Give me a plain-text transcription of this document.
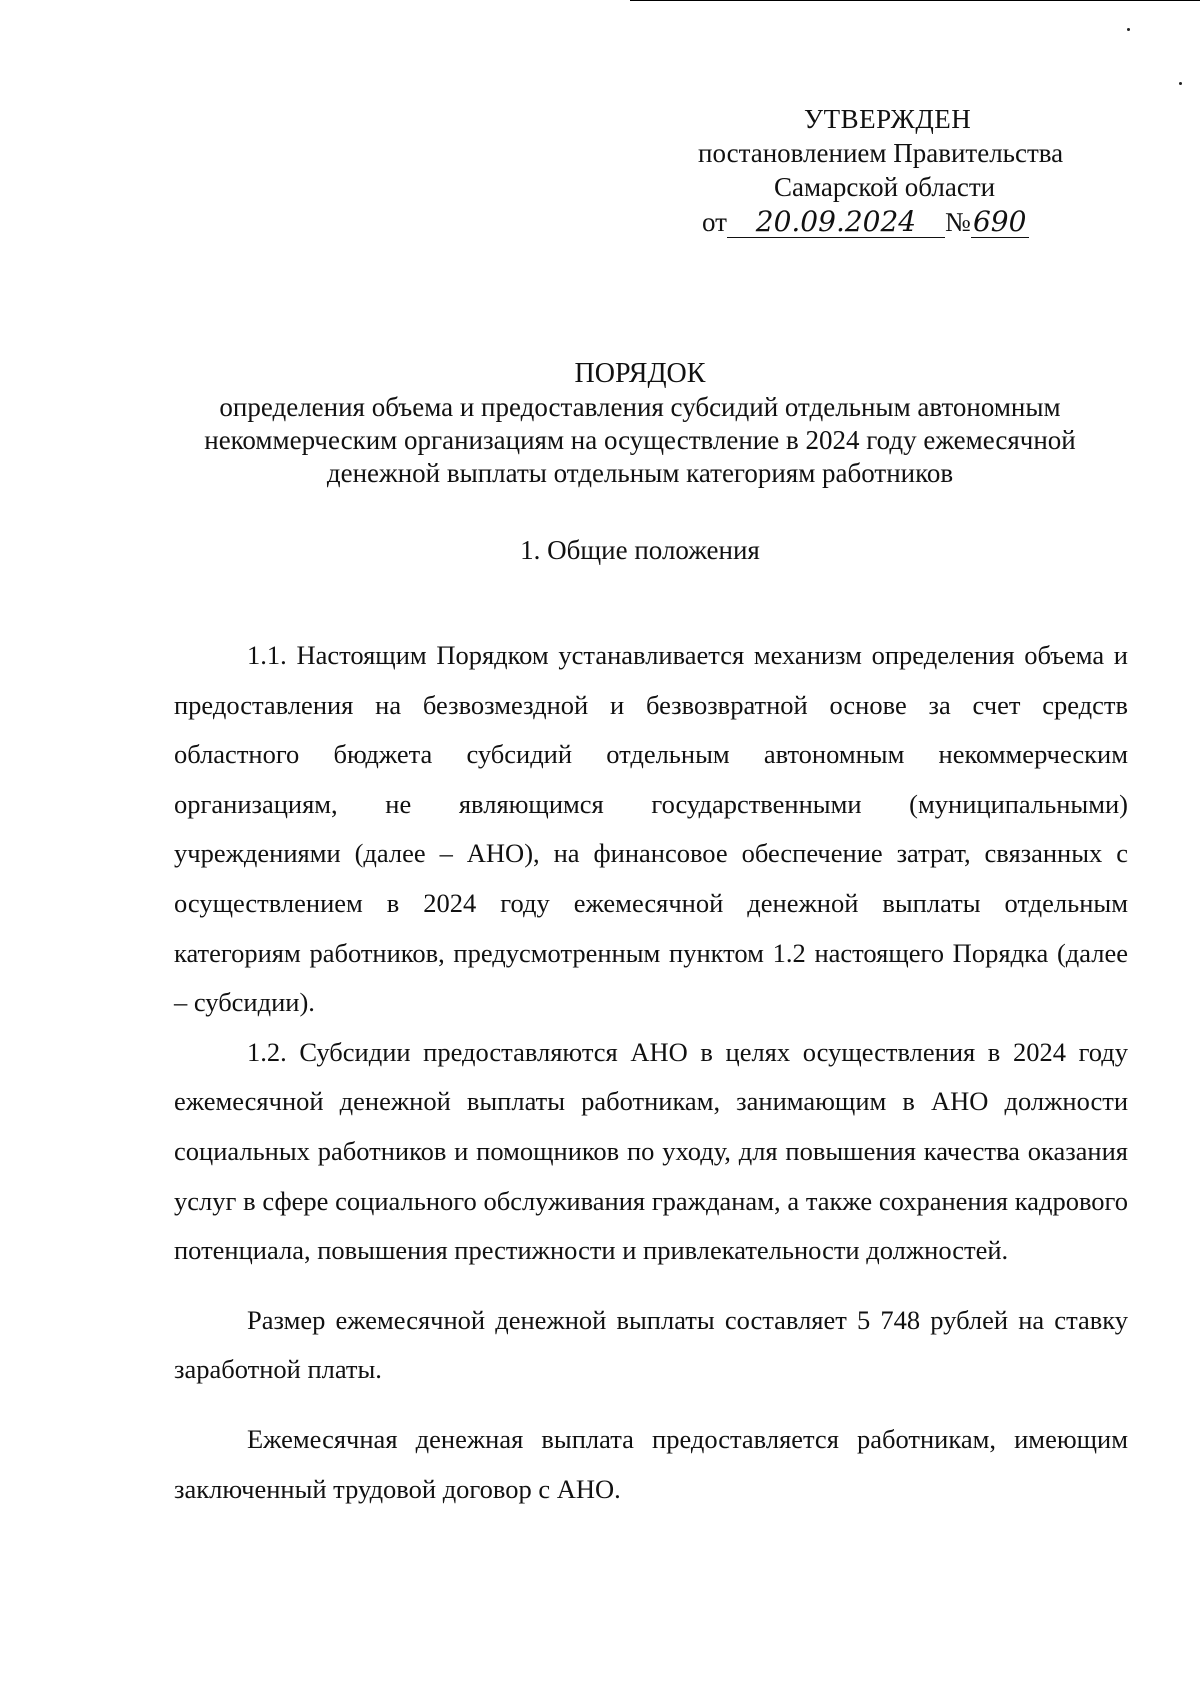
УТВЕРЖДЕН
постановлением Правительства
Самарской области
от 20.09.2024 №690
ПОРЯДОК
определения объема и предоставления субсидий отдельным автономным некоммерческим организациям на осуществление в 2024 году ежемесячной денежной выплаты отдельным категориям работников
1. Общие положения

1.1. Настоящим Порядком устанавливается механизм определения объема и предоставления на безвозмездной и безвозвратной основе за счет средств областного бюджета субсидий отдельным автономным некоммерческим организациям, не являющимся государственными (муниципальными) учреждениями (далее – АНО), на финансовое обеспечение затрат, связанных с осуществлением в 2024 году ежемесячной денежной выплаты отдельным категориям работников, предусмотренным пунктом 1.2 настоящего Порядка (далее – субсидии).

1.2. Субсидии предоставляются АНО в целях осуществления в 2024 году ежемесячной денежной выплаты работникам, занимающим в АНО должности социальных работников и помощников по уходу, для повышения качества оказания услуг в сфере социального обслуживания гражданам, а также сохранения кадрового потенциала, повышения престижности и привлекательности должностей.

Размер ежемесячной денежной выплаты составляет 5 748 рублей на ставку заработной платы.

Ежемесячная денежная выплата предоставляется работникам, имеющим заключенный трудовой договор с АНО.
